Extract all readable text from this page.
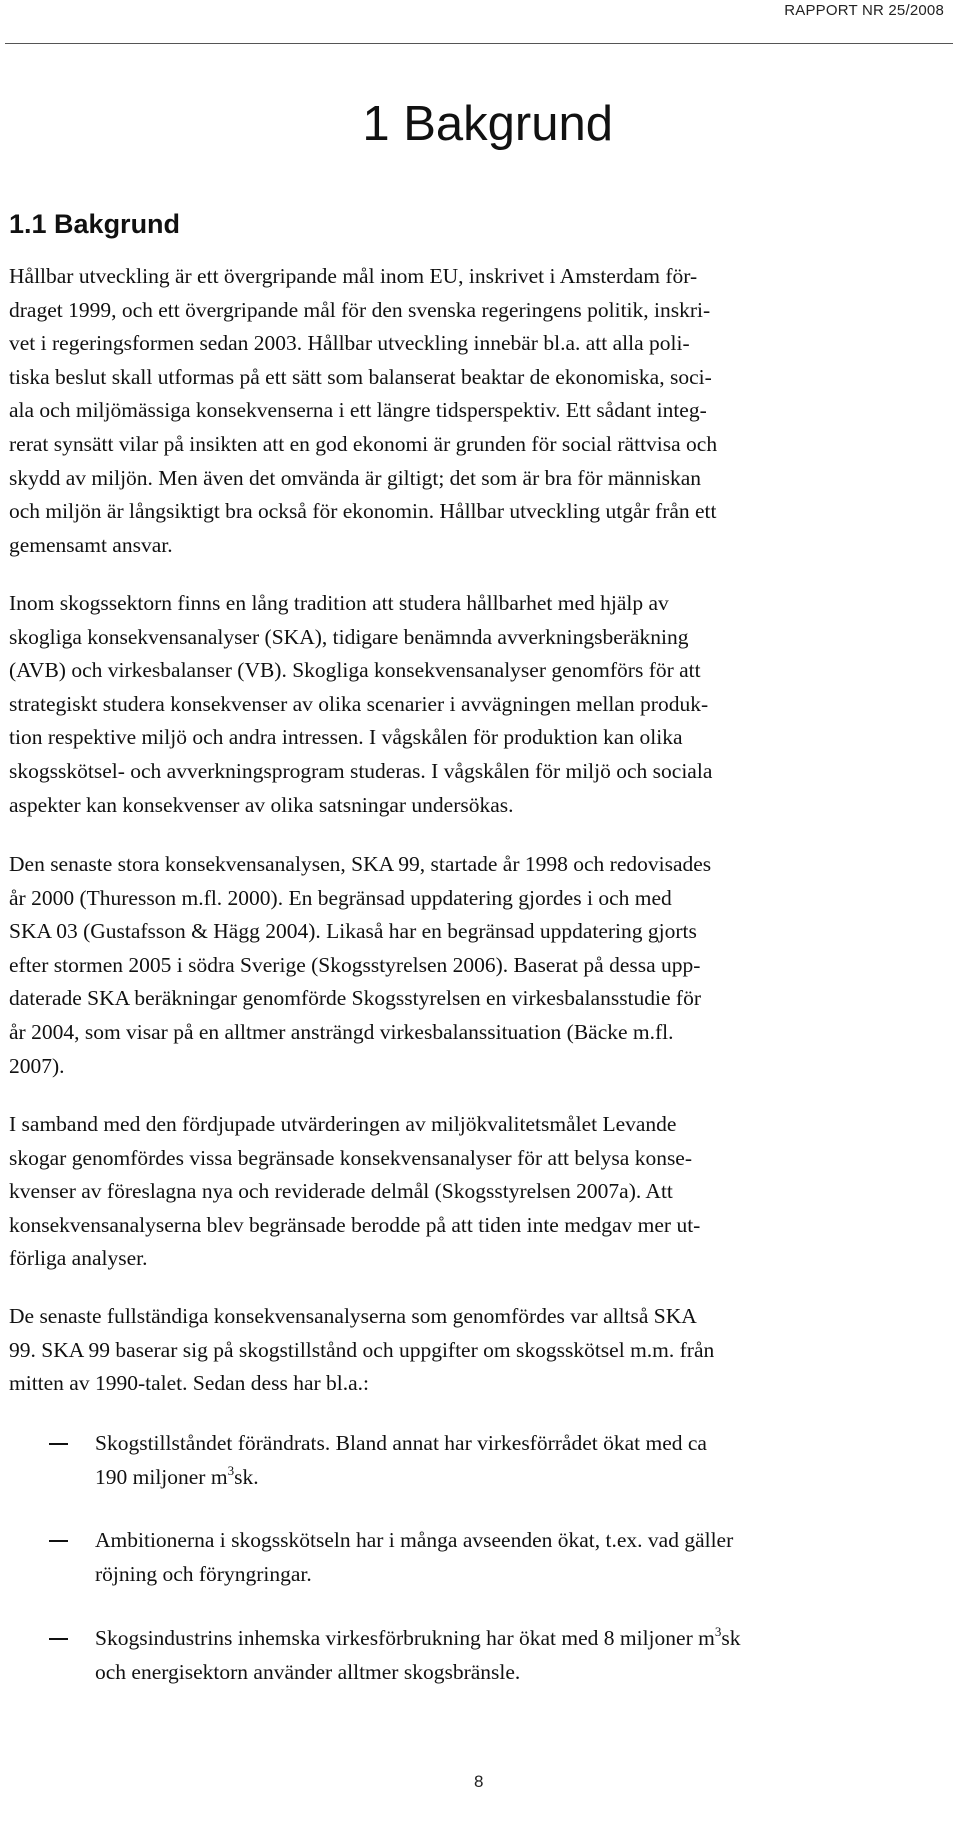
RAPPORT NR 25/2008
1 Bakgrund
1.1 Bakgrund

Hållbar utveckling är ett övergripande mål inom EU, inskrivet i Amsterdam för-
draget 1999, och ett övergripande mål för den svenska regeringens politik, inskri-
vet i regeringsformen sedan 2003. Hållbar utveckling innebär bl.a. att alla poli-
tiska beslut skall utformas på ett sätt som balanserat beaktar de ekonomiska, soci-
ala och miljömässiga konsekvenserna i ett längre tidsperspektiv. Ett sådant integ-
rerat synsätt vilar på insikten att en god ekonomi är grunden för social rättvisa och
skydd av miljön. Men även det omvända är giltigt; det som är bra för människan
och miljön är långsiktigt bra också för ekonomin. Hållbar utveckling utgår från ett
gemensamt ansvar.

Inom skogssektorn finns en lång tradition att studera hållbarhet med hjälp av
skogliga konsekvensanalyser (SKA), tidigare benämnda avverkningsberäkning
(AVB) och virkesbalanser (VB). Skogliga konsekvensanalyser genomförs för att
strategiskt studera konsekvenser av olika scenarier i avvägningen mellan produk-
tion respektive miljö och andra intressen. I vågskålen för produktion kan olika
skogsskötsel- och avverkningsprogram studeras. I vågskålen för miljö och sociala
aspekter kan konsekvenser av olika satsningar undersökas.

Den senaste stora konsekvensanalysen, SKA 99, startade år 1998 och redovisades
år 2000 (Thuresson m.fl. 2000). En begränsad uppdatering gjordes i och med
SKA 03 (Gustafsson & Hägg 2004). Likaså har en begränsad uppdatering gjorts
efter stormen 2005 i södra Sverige (Skogsstyrelsen 2006). Baserat på dessa upp-
daterade SKA beräkningar genomförde Skogsstyrelsen en virkesbalansstudie för
år 2004, som visar på en alltmer ansträngd virkesbalanssituation (Bäcke m.fl.
2007).

I samband med den fördjupade utvärderingen av miljökvalitetsmålet Levande
skogar genomfördes vissa begränsade konsekvensanalyser för att belysa konse-
kvenser av föreslagna nya och reviderade delmål (Skogsstyrelsen 2007a). Att
konsekvensanalyserna blev begränsade berodde på att tiden inte medgav mer ut-
förliga analyser.

De senaste fullständiga konsekvensanalyserna som genomfördes var alltså SKA
99. SKA 99 baserar sig på skogstillstånd och uppgifter om skogsskötsel m.m. från
mitten av 1990-talet. Sedan dess har bl.a.:

Skogstillståndet förändrats. Bland annat har virkesförrådet ökat med ca
190 miljoner $m^3sk$.
Ambitionerna i skogsskötseln har i många avseenden ökat, t.ex. vad gäller
röjning och föryngringar.
Skogsindustrins inhemska virkesförbrukning har ökat med 8 miljoner $m^3sk$
och energisektorn använder alltmer skogsbränsle.
8
